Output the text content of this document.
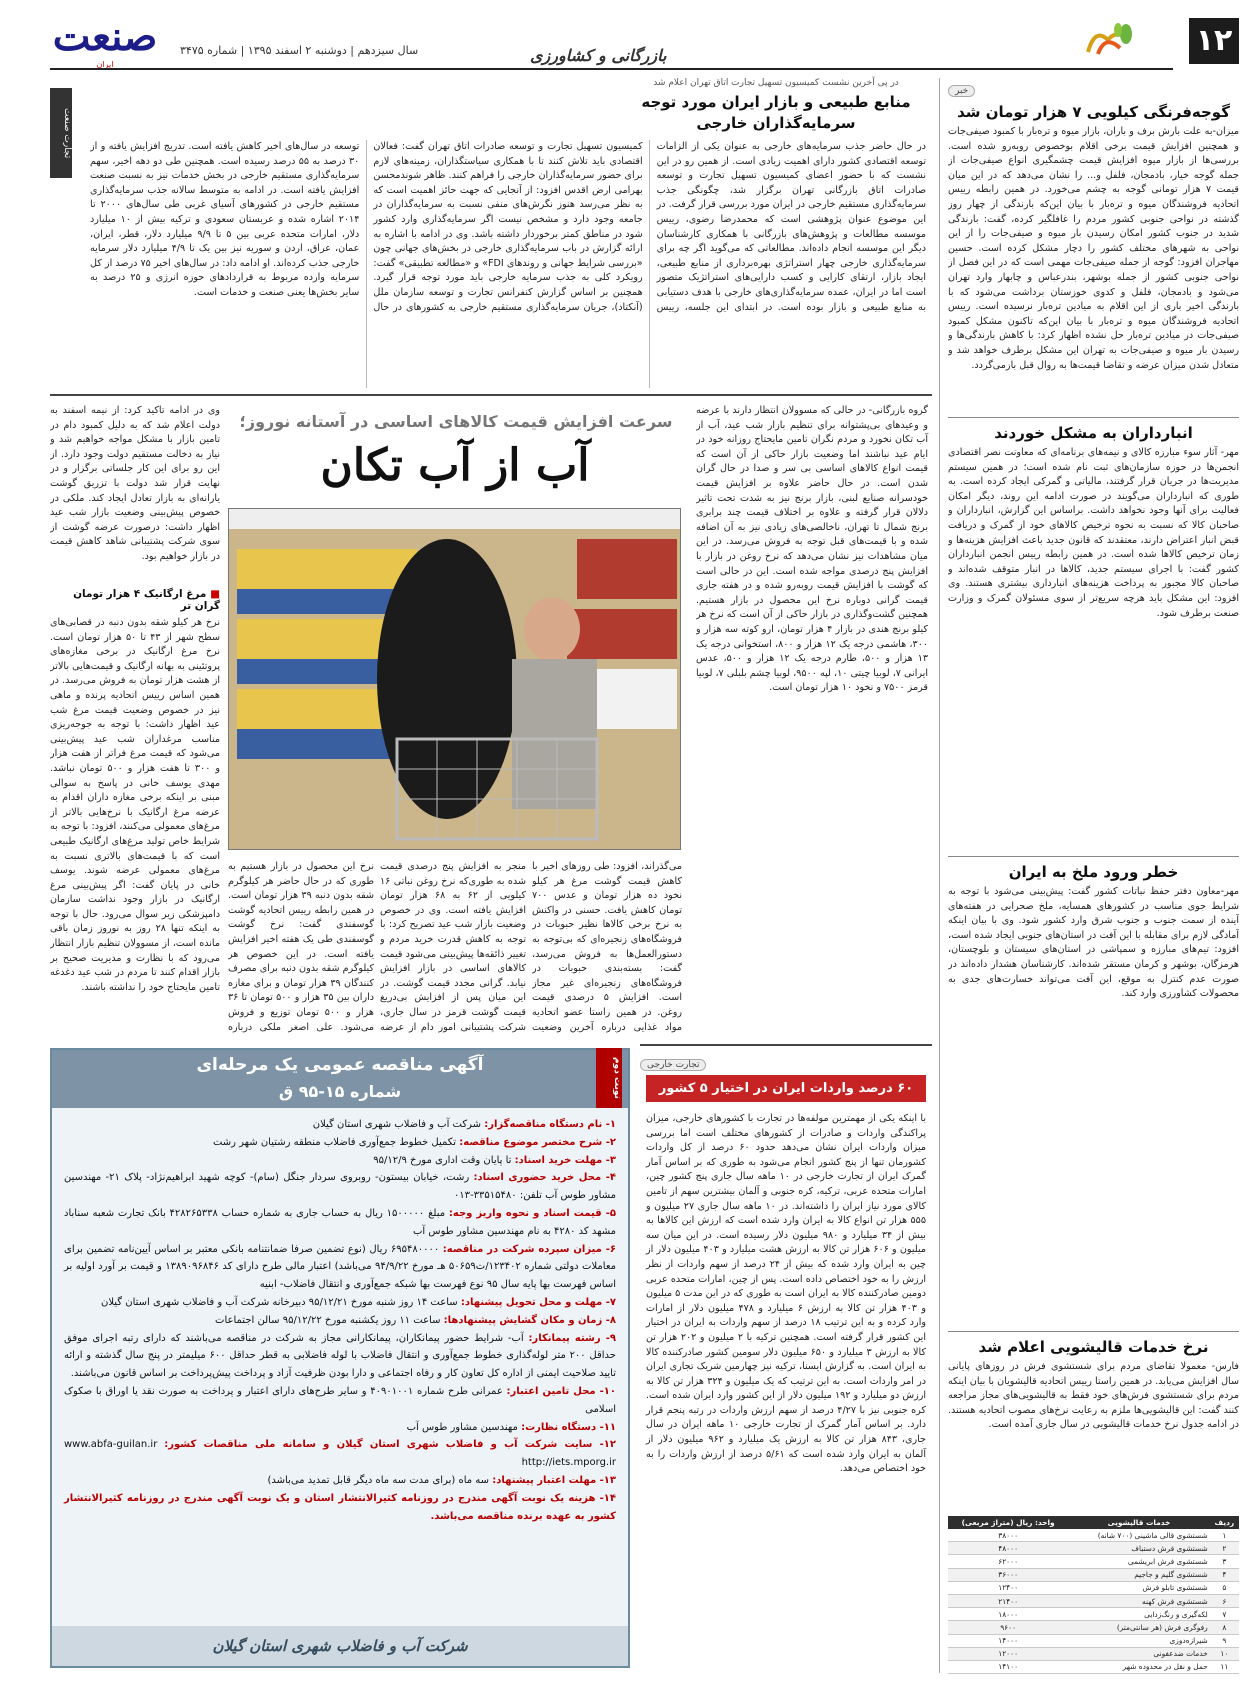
۱۲
بازرگانی و کشاورزی
سال سیزدهم | دوشنبه ۲ اسفند ۱۳۹۵ | شماره ۳۴۷۵
صنعت
ایران
خبر
گوجه‌فرنگی کیلویی ۷ هزار تومان شد
میزان-به علت بارش برف و باران، بازار میوه و تره‌بار با کمبود صیفی‌جات و همچنین افزایش قیمت برخی اقلام بوخصوص روبه‌رو شده است. بررسی‌ها از بازار میوه افزایش قیمت چشمگیری انواع صیفی‌جات از جمله گوجه خیار، بادمجان، فلفل و... را نشان می‌دهد که در این میان قیمت ۷ هزار تومانی گوجه به چشم می‌خورد. در همین رابطه رییس اتحادیه فروشندگان میوه و تره‌بار با بیان این‌که بارندگی از چهار روز گذشته در نواحی جنوبی کشور مردم را غافلگیر کرده، گفت: بارندگی شدید در جنوب کشور امکان رسیدن بار میوه و صیفی‌جات را از این نواحی به شهرهای مختلف کشور را دچار مشکل کرده است. حسین مهاجران افزود: گوجه از جمله صیفی‌جات مهمی است که در این فصل از نواحی جنوبی کشور از جمله بوشهر، بندرعباس و چابهار وارد تهران می‌شود و بادمجان، فلفل و کدوی خوزستان برداشت می‌شود که با بارندگی اخیر باری از این اقلام به میادین تره‌بار نرسیده است. رییس اتحادیه فروشندگان میوه و تره‌بار با بیان این‌که تاکنون مشکل کمبود صیفی‌جات در میادین تره‌بار حل نشده اظهار کرد: با کاهش بارندگی‌ها و رسیدن بار میوه و صیفی‌جات به تهران این مشکل برطرف خواهد شد و متعادل شدن میزان عرضه و تقاضا قیمت‌ها به روال قبل بازمی‌گردد.
انبارداران به مشکل خوردند
مهر- آثار سوء مبارزه کالای و نیمه‌های برنامه‌ای که معاونت نصر اقتصادی انجمن‌ها در حوزه سازمان‌های ثبت نام شده است؛ در همین سیستم مدیریت‌ها در جریان قرار گرفتند، مالیاتی و گمرکی ایجاد کرده است. به طوری که انبارداران می‌گویند در صورت ادامه این روند، دیگر امکان فعالیت برای آنها وجود نخواهد داشت. براساس این گزارش، انبارداران و صاحبان کالا که نسبت به نحوه ترخیص کالاهای خود از گمرک و دریافت قبض انبار اعتراض دارند، معتقدند که قانون جدید باعث افزایش هزینه‌ها و زمان ترخیص کالاها شده است. در همین رابطه رییس انجمن انبارداران کشور گفت: با اجرای سیستم جدید، کالاها در انبار متوقف شده‌اند و صاحبان کالا مجبور به پرداخت هزینه‌های انبارداری بیشتری هستند. وی افزود: این مشکل باید هرچه سریع‌تر از سوی مسئولان گمرک و وزارت صنعت برطرف شود.
خطر ورود ملخ به ایران
مهر-معاون دفتر حفظ نباتات کشور گفت: پیش‌بینی می‌شود با توجه به شرایط جوی مناسب در کشورهای همسایه، ملخ صحرایی در هفته‌های آینده از سمت جنوب و جنوب شرق وارد کشور شود. وی با بیان اینکه آمادگی لازم برای مقابله با این آفت در استان‌های جنوبی ایجاد شده است، افزود: تیم‌های مبارزه و سمپاشی در استان‌های سیستان و بلوچستان، هرمزگان، بوشهر و کرمان مستقر شده‌اند. کارشناسان هشدار داده‌اند در صورت عدم کنترل به موقع، این آفت می‌تواند خسارت‌های جدی به محصولات کشاورزی وارد کند.
نرخ خدمات قالیشویی اعلام شد
فارس- معمولا تقاضای مردم برای شستشوی فرش در روزهای پایانی سال افزایش می‌یابد. در همین راستا رییس اتحادیه قالیشویان با بیان اینکه مردم برای شستشوی فرش‌های خود فقط به قالیشویی‌های مجاز مراجعه کنند گفت: این قالیشویی‌ها ملزم به رعایت نرخ‌های مصوب اتحادیه هستند. در ادامه جدول نرخ خدمات قالیشویی در سال جاری آمده است.
ردیف	خدمات قالیشویی	واحد: ریال (متراژ مربعی)
۱	شستشوی قالی ماشینی (۷۰۰ شانه)	۳۸۰۰۰
۲	شستشوی فرش دستباف	۴۸۰۰۰
۳	شستشوی فرش ابریشمی	۶۲۰۰۰
۴	شستشوی گلیم و جاجیم	۳۶۰۰۰
۵	شستشوی تابلو فرش	۱۲۴۰۰
۶	شستشوی فرش کهنه	۲۱۴۰۰
۷	لکه‌گیری و رنگ‌زدایی	۱۸۰۰۰
۸	رفوگری فرش (هر سانتی‌متر)	۹۶۰۰
۹	شیرازه‌دوزی	۱۴۰۰۰
۱۰	خدمات ضدعفونی	۱۲۰۰۰
۱۱	حمل و نقل در محدوده شهر	۱۴۱۰۰
در پی آخرین نشست کمیسیون تسهیل تجارت اتاق تهران اعلام شد
منابع طبیعی و بازار ایران مورد توجه سرمایه‌گذاران خارجی
در حال حاضر جذب سرمایه‌های خارجی به عنوان یکی از الزامات توسعه اقتصادی کشور دارای اهمیت زیادی است. از همین رو در این نشست که با حضور اعضای کمیسیون تسهیل تجارت و توسعه صادرات اتاق بازرگانی تهران برگزار شد، چگونگی جذب سرمایه‌گذاری مستقیم خارجی در ایران مورد بررسی قرار گرفت. در این موضوع عنوان پژوهشی است که محمدرضا رضوی، رییس موسسه مطالعات و پژوهش‌های بازرگانی با همکاری کارشناسان دیگر این موسسه انجام داده‌اند. مطالعاتی که می‌گوید اگر چه برای سرمایه‌گذاری خارجی چهار استراتژی بهره‌برداری از منابع طبیعی، ایجاد بازار، ارتقای کارایی و کسب دارایی‌های استراتژیک متصور است اما در ایران، عمده سرمایه‌گذاری‌های خارجی با هدف دستیابی به منابع طبیعی و بازار بوده است. در ابتدای این جلسه، رییس کمیسیون تسهیل تجارت و توسعه صادرات اتاق تهران گفت: فعالان اقتصادی باید تلاش کنند تا با همکاری سیاستگذاران، زمینه‌های لازم برای حضور سرمایه‌گذاران خارجی را فراهم کنند. ظاهر شوندمحسن بهرامی ارض اقدس افزود: از آنجایی که جهت حائز اهمیت است که به نظر می‌رسد هنوز نگرش‌های منفی نسبت به سرمایه‌گذاران در جامعه وجود دارد و مشخص نیست اگر سرمایه‌گذاری وارد کشور شود در مناطق کمتر برخوردار داشته باشد. وی در ادامه با اشاره به ارائه گزارش در باب سرمایه‌گذاری خارجی در بخش‌های جهانی چون «بررسی شرایط جهانی و روندهای FDI» و «مطالعه تطبیقی» گفت: رویکرد کلی به جذب سرمایه خارجی باید مورد توجه قرار گیرد. همچنین بر اساس گزارش کنفرانس تجارت و توسعه سازمان ملل (آنکتاد)، جریان سرمایه‌گذاری مستقیم خارجی به کشورهای در حال توسعه در سال‌های اخیر کاهش یافته است. تدریج افزایش یافته و از ۳۰ درصد به ۵۵ درصد رسیده است. همچنین طی دو دهه اخیر، سهم سرمایه‌گذاری مستقیم خارجی در بخش خدمات نیز به نسبت صنعت افزایش یافته است. در ادامه به متوسط سالانه جذب سرمایه‌گذاری مستقیم خارجی در کشورهای آسیای غربی طی سال‌های ۲۰۰۰ تا ۲۰۱۴ اشاره شده و عربستان سعودی و ترکیه بیش از ۱۰ میلیارد دلار، امارات متحده عربی بین ۵ تا ۹/۹ میلیارد دلار، قطر، ایران، عمان، عراق، اردن و سوریه نیز بین یک تا ۴/۹ میلیارد دلار سرمایه خارجی جذب کرده‌اند. او ادامه داد: در سال‌های اخیر ۷۵ درصد از کل سرمایه وارده مربوط به قراردادهای حوزه انرژی و ۲۵ درصد به سایر بخش‌ها یعنی صنعت و خدمات است.
تجارت صنعت
سرعت افزایش قیمت کالاهای اساسی در آستانه نوروز؛
آب از آب تکان
گروه بازرگانی- در حالی که مسوولان انتظار دارند با عرضه و وعیدهای بی‌پشتوانه برای تنظیم بازار شب عید، آب از آب تکان نخورد و مردم نگران تامین مایحتاج روزانه خود در ایام عید نباشند اما وضعیت بازار حاکی از آن است که قیمت انواع کالاهای اساسی بی سر و صدا در حال گران شدن است. در حال حاضر علاوه بر افزایش قیمت خودسرانه صنایع لبنی، بازار برنج نیز به شدت تحت تاثیر دلالان قرار گرفته و علاوه بر اختلاف قیمت چند برابری برنج شمال تا تهران، ناخالصی‌های زیادی نیز به آن اضافه شده و با قیمت‌های قبل توجه به فروش می‌رسد. در این میان مشاهدات نیز نشان می‌دهد که نرخ روغن در بازار با افزایش پنج درصدی مواجه شده است. این در حالی است که گوشت با افزایش قیمت روبه‌رو شده و در هفته جاری قیمت گرانی دوباره نرخ این محصول در بازار هستیم. همچنین گشت‌وگذاری در بازار حاکی از آن است که نرخ هر کیلو برنج هندی در بازار ۴ هزار تومان، ارو کوته سه هزار و ۳۰۰، هاشمی درجه یک ۱۲ هزار و ۸۰۰، استخوانی درجه یک ۱۳ هزار و ۵۰۰، طارم درجه یک ۱۲ هزار و ۵۰۰، عدس ایرانی ۷، لوبیا چیتی ۱۰، لپه ۹۵۰۰، لوبیا چشم بلبلی ۷، لوبیا قرمز ۷۵۰۰ و نخود ۱۰ هزار تومان است.
می‌گذراند، افزود: طی روزهای اخیر با کاهش قیمت گوشت مرغ هر کیلو نخود ده هزار تومان و عدس ۷۰۰ تومان کاهش یافت. حسنی در واکنش به نرخ برخی کالاها نظیر حبوبات در فروشگاه‌های زنجیره‌ای که بی‌توجه به دستورالعمل‌ها به فروش می‌رسد، گفت: بسته‌بندی حبوبات در فروشگاه‌های زنجیره‌ای غیر مجاز است. افزایش ۵ درصدی قیمت روغن. در همین راستا عضو اتحادیه مواد غذایی درباره آخرین وضعیت
منجر به افزایش پنج درصدی قیمت شده به طوری‌که نرخ روغن نباتی ۱۶ کیلویی از ۶۲ به ۶۸ هزار تومان افزایش یافته است. وی در خصوص وضعیت بازار شب عید تصریح کرد: با توجه به کاهش قدرت خرید مردم و تغییر ذائقه‌ها پیش‌بینی می‌شود قیمت کالاهای اساسی در بازار افزایش نیابد. گرانی مجدد قیمت گوشت. در این میان پس از افزایش بی‌دریغ قیمت گوشت قرمز در سال جاری، شرکت پشتیبانی امور دام از عرضه
نرخ این محصول در بازار هستیم به طوری که در حال حاضر هر کیلوگرم شقه بدون دنبه ۳۹ هزار تومان است. در همین رابطه رییس اتحادیه گوشت گوسفندی گفت: نرخ گوشت گوسفندی طی یک هفته اخیر افزایش یافته است. در این خصوص هر کیلوگرم شقه بدون دنبه برای مصرف کنندگان ۳۹ هزار تومان و برای مغازه داران بین ۳۵ هزار و ۵۰۰ تومان تا ۳۶ هزار و ۵۰۰ تومان توزیع و فروش می‌شود. علی اصغر ملکی درباره
وی در ادامه تاکید کرد: از نیمه اسفند به دولت اعلام شد که به دلیل کمبود دام در تامین بازار با مشکل مواجه خواهیم شد و نیاز به دخالت مستقیم دولت وجود دارد. از این رو برای این کار جلساتی برگزار و در نهایت قرار شد دولت با تزریق گوشت یارانه‌ای به بازار تعادل ایجاد کند. ملکی در خصوص پیش‌بینی وضعیت بازار شب عید اظهار داشت: درصورت عرضه گوشت از سوی شرکت پشتیبانی شاهد کاهش قیمت در بازار خواهیم بود.
■ مرغ ارگانیک ۴ هزار تومان گران تر
نرخ هر کیلو شقه بدون دنبه در قصابی‌های سطح شهر از ۴۳ تا ۵۰ هزار تومان است. نرخ مرغ ارگانیک در برخی مغازه‌های پروتئینی به بهانه ارگانیک و قیمت‌هایی بالاتر از هشت هزار تومان به فروش می‌رسد. در همین اساس رییس اتحادیه پرنده و ماهی نیز در خصوص وضعیت قیمت مرغ شب عید اظهار داشت: با توجه به جوجه‌ریزی مناسب مرغداران شب عید پیش‌بینی می‌شود که قیمت مرغ فراتر از هفت هزار و ۳۰۰ تا هفت هزار و ۵۰۰ تومان نباشد. مهدی یوسف خانی در پاسخ به سوالی مبنی بر اینکه برخی مغازه داران اقدام به عرضه مرغ ارگانیک با نرخ‌هایی بالاتر از مرغ‌های معمولی می‌کنند، افزود: با توجه به شرایط خاص تولید مرغ‌های ارگانیک طبیعی است که با قیمت‌های بالاتری نسبت به مرغ‌های معمولی عرضه شوند. یوسف خانی در پایان گفت: اگر پیش‌بینی مرغ ارگانیک در بازار وجود نداشت سازمان دامپزشکی زیر سوال می‌رود. حال با توجه به اینکه تنها ۲۸ روز به نوروز زمان باقی مانده است، از مسوولان تنظیم بازار انتظار می‌رود که با نظارت و مدیریت صحیح بر بازار اقدام کنند تا مردم در شب عید دغدغه تامین مایحتاج خود را نداشته باشند.
تجارت خارجی
۶۰ درصد واردات ایران در اختیار ۵ کشور
با اینکه یکی از مهمترین مولفه‌ها در تجارت با کشورهای خارجی، میزان پراکندگی واردات و صادرات از کشورهای مختلف است اما بررسی میزان واردات ایران نشان می‌دهد حدود ۶۰ درصد از کل واردات کشورمان تنها از پنج کشور انجام می‌شود به طوری که بر اساس آمار گمرک ایران از تجارت خارجی در ۱۰ ماهه سال جاری پنج کشور چین، امارات متحده عربی، ترکیه، کره جنوبی و آلمان بیشترین سهم از تامین کالای مورد نیاز ایران را داشته‌اند. در ۱۰ ماهه سال جاری ۲۷ میلیون و ۵۵۵ هزار تن انواع کالا به ایران وارد شده است که ارزش این کالاها به بیش از ۳۴ میلیارد و ۹۸۰ میلیون دلار رسیده است. در این میان سه میلیون و ۶۰۶ هزار تن کالا به ارزش هشت میلیارد و ۴۰۳ میلیون دلار از چین به ایران وارد شده که بیش از ۲۴ درصد از سهم واردات از نظر ارزش را به خود اختصاص داده است. پس از چین، امارات متحده عربی دومین صادرکننده کالا به ایران است به طوری که در این مدت ۵ میلیون و ۴۰۳ هزار تن کالا به ارزش ۶ میلیارد و ۴۷۸ میلیون دلار از امارات وارد کرده و به این ترتیب ۱۸ درصد از سهم واردات به ایران در اختیار این کشور قرار گرفته است. همچنین ترکیه با ۲ میلیون و ۲۰۲ هزار تن کالا به ارزش ۳ میلیارد و ۶۵۰ میلیون دلار سومین کشور صادرکننده کالا به ایران است. به گزارش ایسنا، ترکیه نیز چهارمین شریک تجاری ایران در امر واردات است. به این ترتیب که یک میلیون و ۳۲۴ هزار تن کالا به ارزش دو میلیارد و ۱۹۲ میلیون دلار از این کشور وارد ایران شده است. کره جنوبی نیز با ۴/۲۷ درصد از سهم ارزش واردات در رتبه پنجم قرار دارد. بر اساس آمار گمرک از تجارت خارجی ۱۰ ماهه ایران در سال جاری، ۸۴۳ هزار تن کالا به ارزش یک میلیارد و ۹۶۲ میلیون دلار از آلمان به ایران وارد شده است که ۵/۶۱ درصد از ارزش واردات را به خود اختصاص می‌دهد.
آگهی مناقصه عمومی یک مرحله‌ای
شماره ۱۵-۹۵ ق
۱- نام دستگاه مناقصه‌گزار: شرکت آب و فاضلاب شهری استان گیلان
۲- شرح مختصر موضوع مناقصه: تکمیل خطوط جمع‌آوری فاضلاب منطقه رشتیان شهر رشت
۳- مهلت خرید اسناد: تا پایان وقت اداری مورخ ۹۵/۱۲/۹
۴- محل خرید حضوری اسناد: رشت، خیابان بیستون- روبروی سردار جنگل (سام)- کوچه شهید ابراهیم‌نژاد- پلاک ۲۱- مهندسین مشاور طوس آب تلفن: ۳۳۵۱۵۴۸۰-۰۱۳
۵- قیمت اسناد و نحوه واریز وجه: مبلغ ۱۵۰۰۰۰۰ ریال به حساب جاری به شماره حساب ۴۲۸۲۶۵۳۳۸ بانک تجارت شعبه سناباد مشهد کد ۴۲۸۰ به نام مهندسین مشاور طوس آب
۶- میزان سپرده شرکت در مناقصه: ۶۹۵۴۸۰۰۰۰ ریال (نوع تضمین صرفا ضمانتنامه بانکی معتبر بر اساس آیین‌نامه تضمین برای معاملات دولتی شماره ۱۲۳۴۰۲/ت۵۰۶۵۹ هـ مورخ ۹۴/۹/۲۲ می‌باشد) اعتبار مالی طرح دارای کد ۱۳۸۹۰۹۶۸۴۶ و قیمت بر آورد اولیه بر اساس فهرست بها پایه سال ۹۵ نوع فهرست بها شبکه جمع‌آوری و انتقال فاضلاب- ابنیه
۷- مهلت و محل تحویل پیشنهاد: ساعت ۱۴ روز شنبه مورخ ۹۵/۱۲/۲۱ دبیرخانه شرکت آب و فاضلاب شهری استان گیلان
۸- زمان و مکان گشایش پیشنهادها: ساعت ۱۱ روز یکشنبه مورخ ۹۵/۱۲/۲۲ سالن اجتماعات
۹- رشته پیمانکار: آب- شرایط حضور پیمانکاران، پیمانکارانی مجاز به شرکت در مناقصه می‌باشند که دارای رتبه اجرای موفق حداقل ۲۰۰ متر لوله‌گذاری خطوط جمع‌آوری و انتقال فاضلاب با لوله فاضلابی به قطر حداقل ۶۰۰ میلیمتر در پنج سال گذشته و ارائه تایید صلاحیت ایمنی از اداره کل تعاون کار و رفاه اجتماعی و دارا بودن ظرفیت آزاد و پرداخت پیش‌پرداخت بر اساس قانون می‌باشند.
۱۰- محل تامین اعتبار: عمرانی طرح شماره ۴۰۹۰۱۰۰۱ و سایر طرح‌های دارای اعتبار و پرداخت به صورت نقد یا اوراق با صکوک اسلامی
۱۱- دستگاه نظارت: مهندسین مشاور طوس آب
۱۲- سایت شرکت آب و فاضلاب شهری استان گیلان و سامانه ملی مناقصات کشور: www.abfa-guilan.ir http://iets.mporg.ir
۱۳- مهلت اعتبار پیشنهاد: سه ماه (برای مدت سه ماه دیگر قابل تمدید می‌باشد)
۱۴- هزینه یک نوبت آگهی مندرج در روزنامه کثیرالانتشار استان و یک نوبت آگهی مندرج در روزنامه کثیرالانتشار کشور به عهده برنده مناقصه می‌باشد.
شرکت آب و فاضلاب شهری استان گیلان
نوبت دوم
